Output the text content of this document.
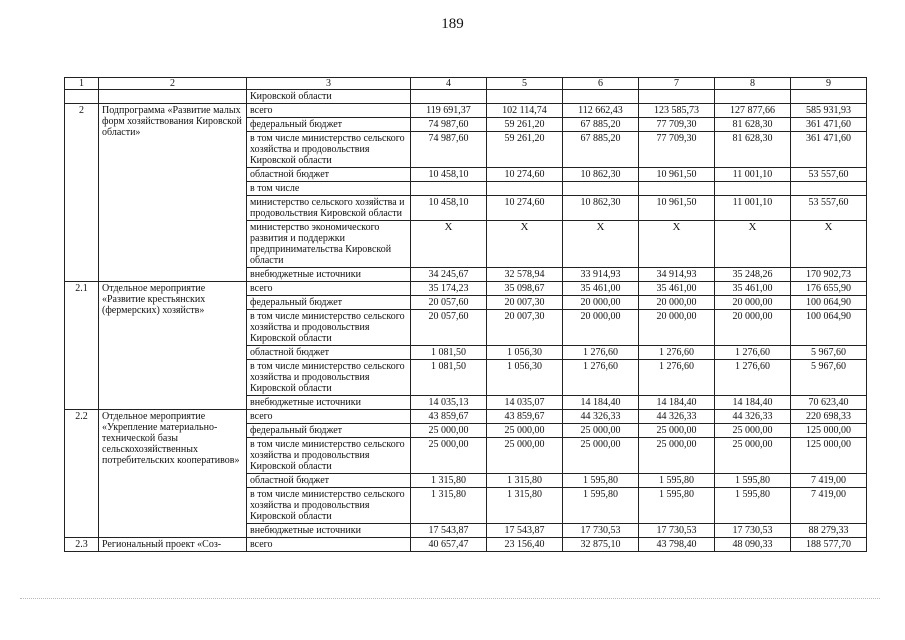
189
1	2	3	4	5	6	7	8	9
		Кировской области						
2	Подпрограмма «Развитие малых форм хозяйствования Кировской области»	всего	119 691,37	102 114,74	112 662,43	123 585,73	127 877,66	585 931,93
		федеральный бюджет	74 987,60	59 261,20	67 885,20	77 709,30	81 628,30	361 471,60
		в том числе министерство сельского хозяйства и продовольствия Кировской области	74 987,60	59 261,20	67 885,20	77 709,30	81 628,30	361 471,60
		областной бюджет	10 458,10	10 274,60	10 862,30	10 961,50	11 001,10	53 557,60
		в том числе						
		министерство сельского хозяйства и продовольствия Кировской области	10 458,10	10 274,60	10 862,30	10 961,50	11 001,10	53 557,60
		министерство экономического развития и поддержки предпринимательства Кировской области	X	X	X	X	X	X
		внебюджетные источники	34 245,67	32 578,94	33 914,93	34 914,93	35 248,26	170 902,73
2.1	Отдельное мероприятие «Развитие крестьянских (фермерских) хозяйств»	всего	35 174,23	35 098,67	35 461,00	35 461,00	35 461,00	176 655,90
		федеральный бюджет	20 057,60	20 007,30	20 000,00	20 000,00	20 000,00	100 064,90
		в том числе министерство сельского хозяйства и продовольствия Кировской области	20 057,60	20 007,30	20 000,00	20 000,00	20 000,00	100 064,90
		областной бюджет	1 081,50	1 056,30	1 276,60	1 276,60	1 276,60	5 967,60
		в том числе министерство сельского хозяйства и продовольствия Кировской области	1 081,50	1 056,30	1 276,60	1 276,60	1 276,60	5 967,60
		внебюджетные источники	14 035,13	14 035,07	14 184,40	14 184,40	14 184,40	70 623,40
2.2	Отдельное мероприятие «Укрепление материально-технической базы сельскохозяйственных потребительских кооперативов»	всего	43 859,67	43 859,67	44 326,33	44 326,33	44 326,33	220 698,33
		федеральный бюджет	25 000,00	25 000,00	25 000,00	25 000,00	25 000,00	125 000,00
		в том числе министерство сельского хозяйства и продовольствия Кировской области	25 000,00	25 000,00	25 000,00	25 000,00	25 000,00	125 000,00
		областной бюджет	1 315,80	1 315,80	1 595,80	1 595,80	1 595,80	7 419,00
		в том числе министерство сельского хозяйства и продовольствия Кировской области	1 315,80	1 315,80	1 595,80	1 595,80	1 595,80	7 419,00
		внебюджетные источники	17 543,87	17 543,87	17 730,53	17 730,53	17 730,53	88 279,33
2.3	Региональный проект «Соз-	всего	40 657,47	23 156,40	32 875,10	43 798,40	48 090,33	188 577,70
